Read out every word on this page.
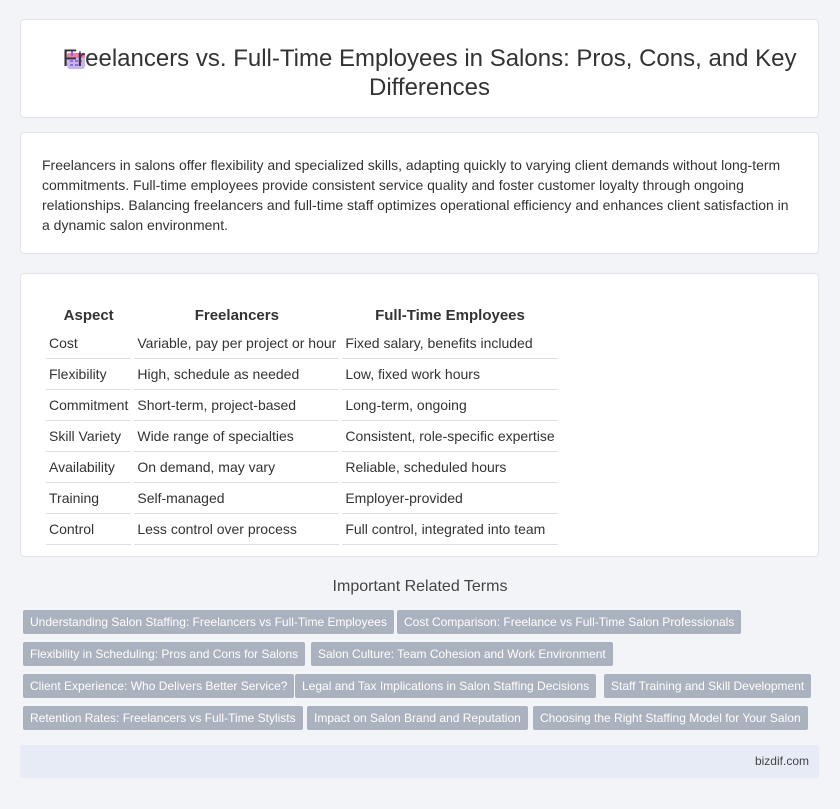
Freelancers vs. Full-Time Employees in Salons: Pros, Cons, and Key Differences
Freelancers in salons offer flexibility and specialized skills, adapting quickly to varying client demands without long-term commitments. Full-time employees provide consistent service quality and foster customer loyalty through ongoing relationships. Balancing freelancers and full-time staff optimizes operational efficiency and enhances client satisfaction in a dynamic salon environment.
Aspect	Freelancers	Full-Time Employees
Cost	Variable, pay per project or hour	Fixed salary, benefits included
Flexibility	High, schedule as needed	Low, fixed work hours
Commitment	Short-term, project-based	Long-term, ongoing
Skill Variety	Wide range of specialties	Consistent, role-specific expertise
Availability	On demand, may vary	Reliable, scheduled hours
Training	Self-managed	Employer-provided
Control	Less control over process	Full control, integrated into team
Important Related Terms
Understanding Salon Staffing: Freelancers vs Full-Time Employees	Cost Comparison: Freelance vs Full-Time Salon Professionals
Flexibility in Scheduling: Pros and Cons for Salons	Salon Culture: Team Cohesion and Work Environment
Client Experience: Who Delivers Better Service?	Legal and Tax Implications in Salon Staffing Decisions	Staff Training and Skill Development
Retention Rates: Freelancers vs Full-Time Stylists	Impact on Salon Brand and Reputation	Choosing the Right Staffing Model for Your Salon
bizdif.com
